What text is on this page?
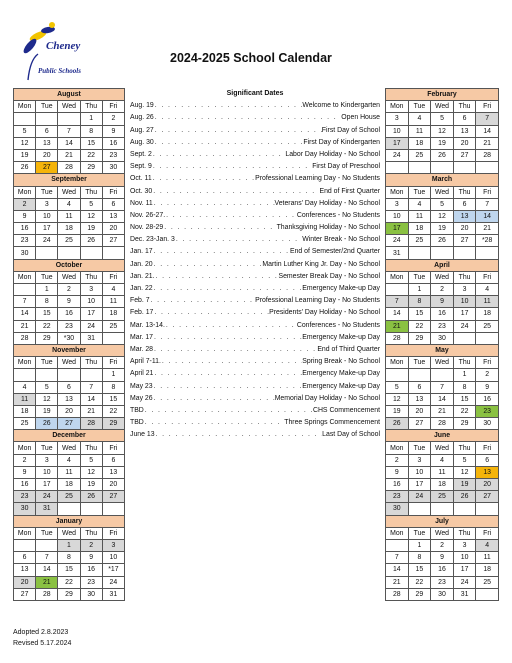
Cheney
Public Schools
2024-2025 School Calendar
August				
Mon	Tue	Wed	Thu	Fri
			1	2
5	6	7	8	9
12	13	14	15	16
19	20	21	22	23
26	27	28	29	30
September				
Mon	Tue	Wed	Thu	Fri
2	3	4	5	6
9	10	11	12	13
16	17	18	19	20
23	24	25	26	27
30				
October				
Mon	Tue	Wed	Thu	Fri
	1	2	3	4
7	8	9	10	11
14	15	16	17	18
21	22	23	24	25
28	29	*30	31	
November				
Mon	Tue	Wed	Thu	Fri
				1
4	5	6	7	8
11	12	13	14	15
18	19	20	21	22
25	26	27	28	29
December				
Mon	Tue	Wed	Thu	Fri
2	3	4	5	6
9	10	11	12	13
16	17	18	19	20
23	24	25	26	27
30	31			
January				
Mon	Tue	Wed	Thu	Fri
		1	2	3
6	7	8	9	10
13	14	15	16	*17
20	21	22	23	24
27	28	29	30	31
February				
Mon	Tue	Wed	Thu	Fri
3	4	5	6	7
10	11	12	13	14
17	18	19	20	21
24	25	26	27	28

March				
Mon	Tue	Wed	Thu	Fri
3	4	5	6	7
10	11	12	13	14
17	18	19	20	21
24	25	26	27	*28
31				
April				
Mon	Tue	Wed	Thu	Fri
	1	2	3	4
7	8	9	10	11
14	15	16	17	18
21	22	23	24	25
28	29	30		
May				
Mon	Tue	Wed	Thu	Fri
			1	2
5	6	7	8	9
12	13	14	15	16
19	20	21	22	23
26	27	28	29	30
June				
Mon	Tue	Wed	Thu	Fri
2	3	4	5	6
9	10	11	12	13
16	17	18	19	20
23	24	25	26	27
30				
July				
Mon	Tue	Wed	Thu	Fri
	1	2	3	4
7	8	9	10	11
14	15	16	17	18
21	22	23	24	25
28	29	30	31	
Significant Dates
Aug. 19 . . .	Welcome to Kindergarten
Aug. 26 . . .	Open House
Aug. 27 . . .	First Day of School
Aug. 30 . . .	First Day of Kindergarten
Sept. 2 . . .	Labor Day Holiday - No School
Sept. 9 . . .	First Day of Preschool
Oct. 11 . . .	Professional Learning Day - No Students
Oct. 30 . . .	End of First Quarter
Nov. 11 . . .	Veterans' Day Holiday - No School
Nov. 26-27. . . .	Conferences - No Students
Nov. 28-29 . . .	Thanksgiving Holiday - No School
Dec. 23-Jan. 3 . . .	Winter Break - No School
Jan. 17 . . .	End of Semester/2nd Quarter
Jan. 20 . . .	Martin Luther King Jr. Day - No School
Jan. 21. . . .	Semester Break Day - No School
Jan. 22 . . .	Emergency Make-up Day
Feb. 7 . . .	Professional Learning Day - No Students
Feb. 17 . . .	Presidents' Day Holiday - No School
Mar. 13-14. . . .	Conferences - No Students
Mar. 17 . . .	Emergency Make-up Day
Mar. 28 . . .	End of Third Quarter
April 7-11. . . .	Spring Break - No School
April 21 . . .	Emergency Make-up Day
May 23 . . .	Emergency Make-up Day
May 26 . . .	Memorial Day Holiday - No School
TBD . . .	CHS Commencement
TBD . . .	Three Springs Commencement
June 13 . . .	Last Day of School
Adopted 2.8.2023
Revised 5.17.2024
